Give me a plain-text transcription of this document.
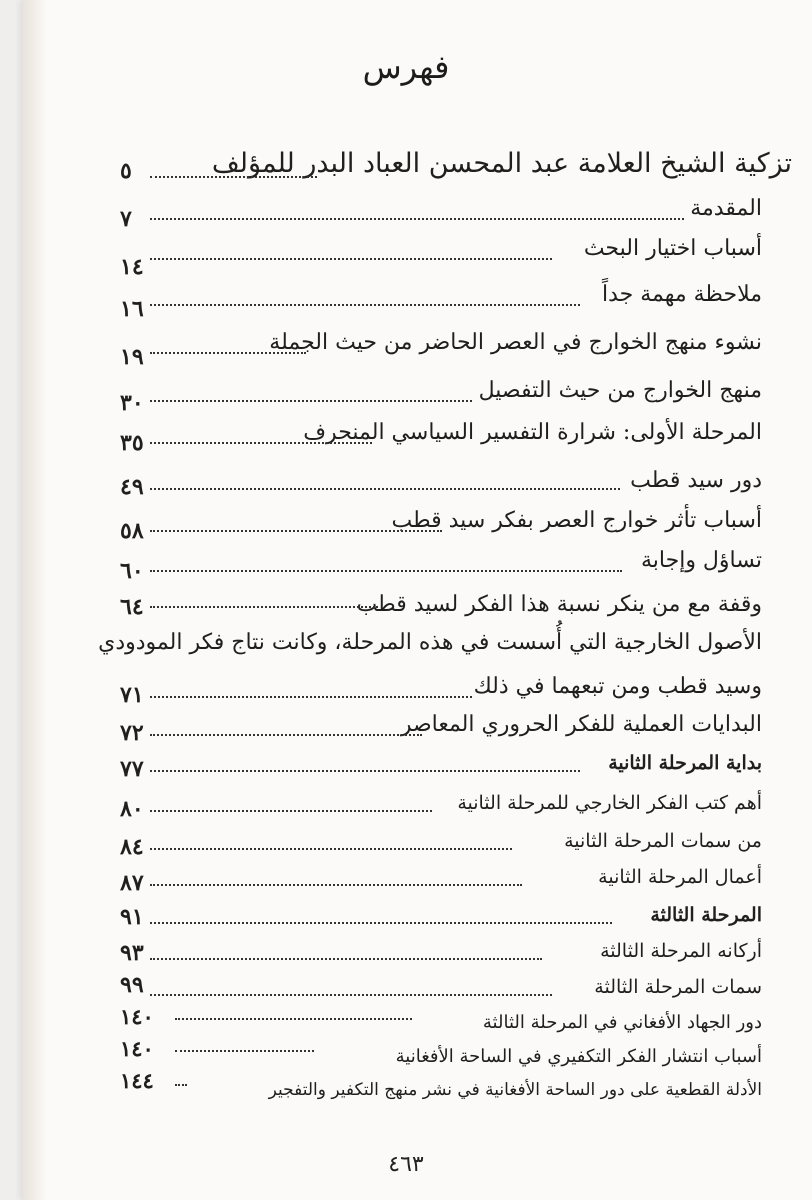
فهرس
تزكية الشيخ العلامة عبد المحسن العباد البدر للمؤلف
٥
المقدمة
٧
أسباب اختيار البحث
١٤
ملاحظة مهمة جداً
١٦
نشوء منهج الخوارج في العصر الحاضر من حيث الجملة
١٩
منهج الخوارج من حيث التفصيل
٣٠
المرحلة الأولى: شرارة التفسير السياسي المنحرف
٣٥
دور سيد قطب
٤٩
أسباب تأثر خوارج العصر بفكر سيد قطب
٥٨
تساؤل وإجابة
٦٠
وقفة مع من ينكر نسبة هذا الفكر لسيد قطب
٦٤
الأصول الخارجية التي أُسست في هذه المرحلة، وكانت نتاج فكر المودودي
وسيد قطب ومن تبعهما في ذلك
٧١
البدايات العملية للفكر الحروري المعاصر
٧٢
بداية المرحلة الثانية
٧٧
أهم كتب الفكر الخارجي للمرحلة الثانية
٨٠
من سمات المرحلة الثانية
٨٤
أعمال المرحلة الثانية
٨٧
المرحلة الثالثة
٩١
أركانه المرحلة الثالثة
٩٣
سمات المرحلة الثالثة
٩٩
دور الجهاد الأفغاني في المرحلة الثالثة
١٤٠
أسباب انتشار الفكر التكفيري في الساحة الأفغانية
١٤٠
الأدلة القطعية على دور الساحة الأفغانية في نشر منهج التكفير والتفجير
١٤٤
٤٦٣
